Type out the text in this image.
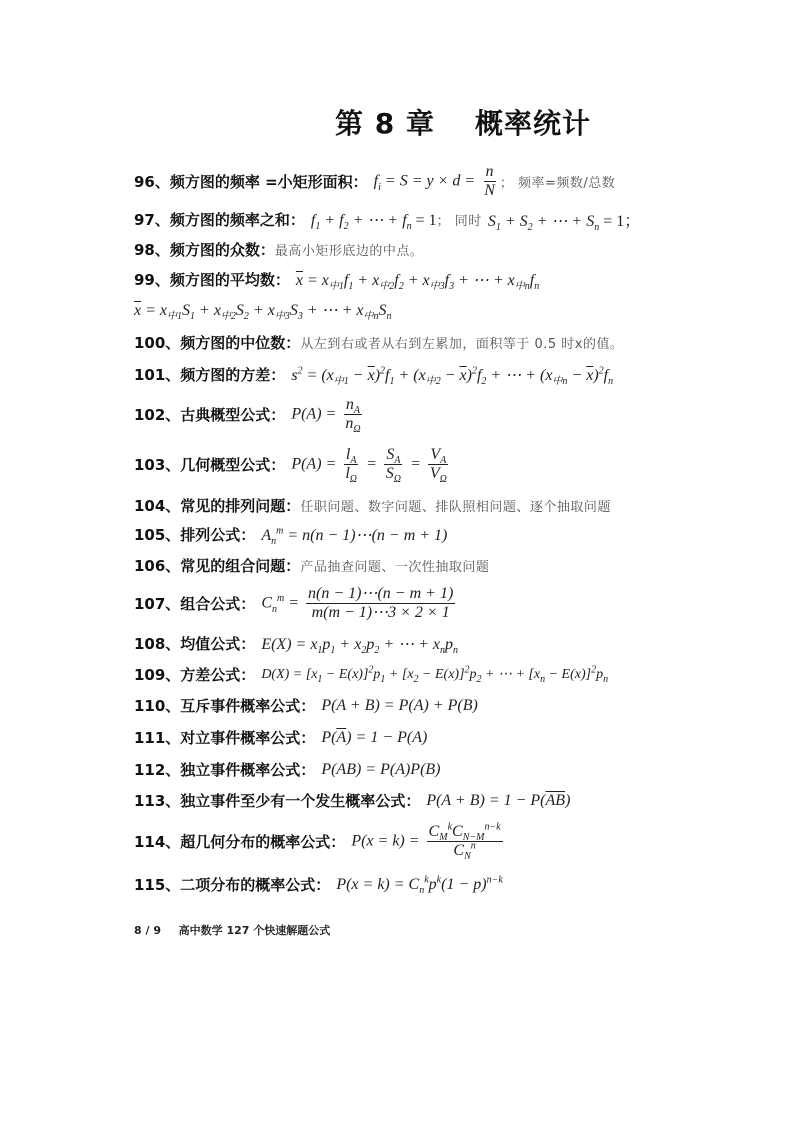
第 8 章 概率统计
96、频方图的频率 =小矩形面积： $f_i = S = y \times d = \frac{n}{N}$ ； 频率=频数/总数
97、频方图的频率之和： $f_1 + f_2$ + ⋯ + $f_n = 1$ ； 同时 $S_1 + S_2$ + ⋯ + $S_n = 1$；
98、频方图的众数： 最高小矩形底边的中点。
99、频方图的平均数： $\overline{x} = x_{中1}f_1 + x_{中2}f_2 + x_{中3}f_3$ + ⋯ + $x_{中n}f_n$
$\overline{x} = x_{中1}S_1 + x_{中2}S_2 + x_{中3}S_3$ + ⋯ + $x_{中n}S_n$
100、频方图的中位数： 从左到右或者从右到左累加，面积等于 0.5 时x的值。
101、频方图的方差： $s^2 = (x_{中1} - \overline{x})^2f_1 + (x_{中2} - \overline{x})^2f_2$ + ⋯ + $(x_{中n} - \overline{x})^2f_n$
102、古典概型公式： $P(A) = \frac{n_A}{n_\Omega}$
103、几何概型公式： $P(A) = \frac{l_A}{l_\Omega} = \frac{S_A}{S_\Omega} = \frac{V_A}{V_\Omega}$
104、常见的排列问题： 任职问题、数字问题、排队照相问题、逐个抽取问题
105、排列公式： $A_n^m = n(n$ − 1)⋯(n − m + 1)
106、常见的组合问题： 产品抽查问题、一次性抽取问题
107、组合公式： $C_n^m = \frac{n(n - 1)\cdots(n - m + 1)}{m(m - 1)\cdots 3 \times 2 \times 1}$
108、均值公式： $E(X) = x_1p_1 + x_2p_2$ + ⋯ + $x_np_n$
109、方差公式： $D(X) = [x_1 - E(x)]^2p_1 + [x_2 - E(x)]^2p_2$ + ⋯ + $[x_n - E(x)]^2p_n$
110、互斥事件概率公式： P(A + B) = P(A) + P(B)
111、对立事件概率公式： $P(\overline{A}) = 1 - P(A)$
112、独立事件概率公式： P(AB) = P(A)P(B)
113、独立事件至少有一个发生概率公式： $P(A + B) = 1 - P(\overline{AB})$
114、超几何分布的概率公式： $P(x = k) = \frac{C_M^kC_{N-M}^{n-k}}{C_N^n}$
115、二项分布的概率公式： $P(x = k) = C_n^kp^k(1 - p)^{n-k}$
8 / 9 高中数学 127 个快速解题公式
